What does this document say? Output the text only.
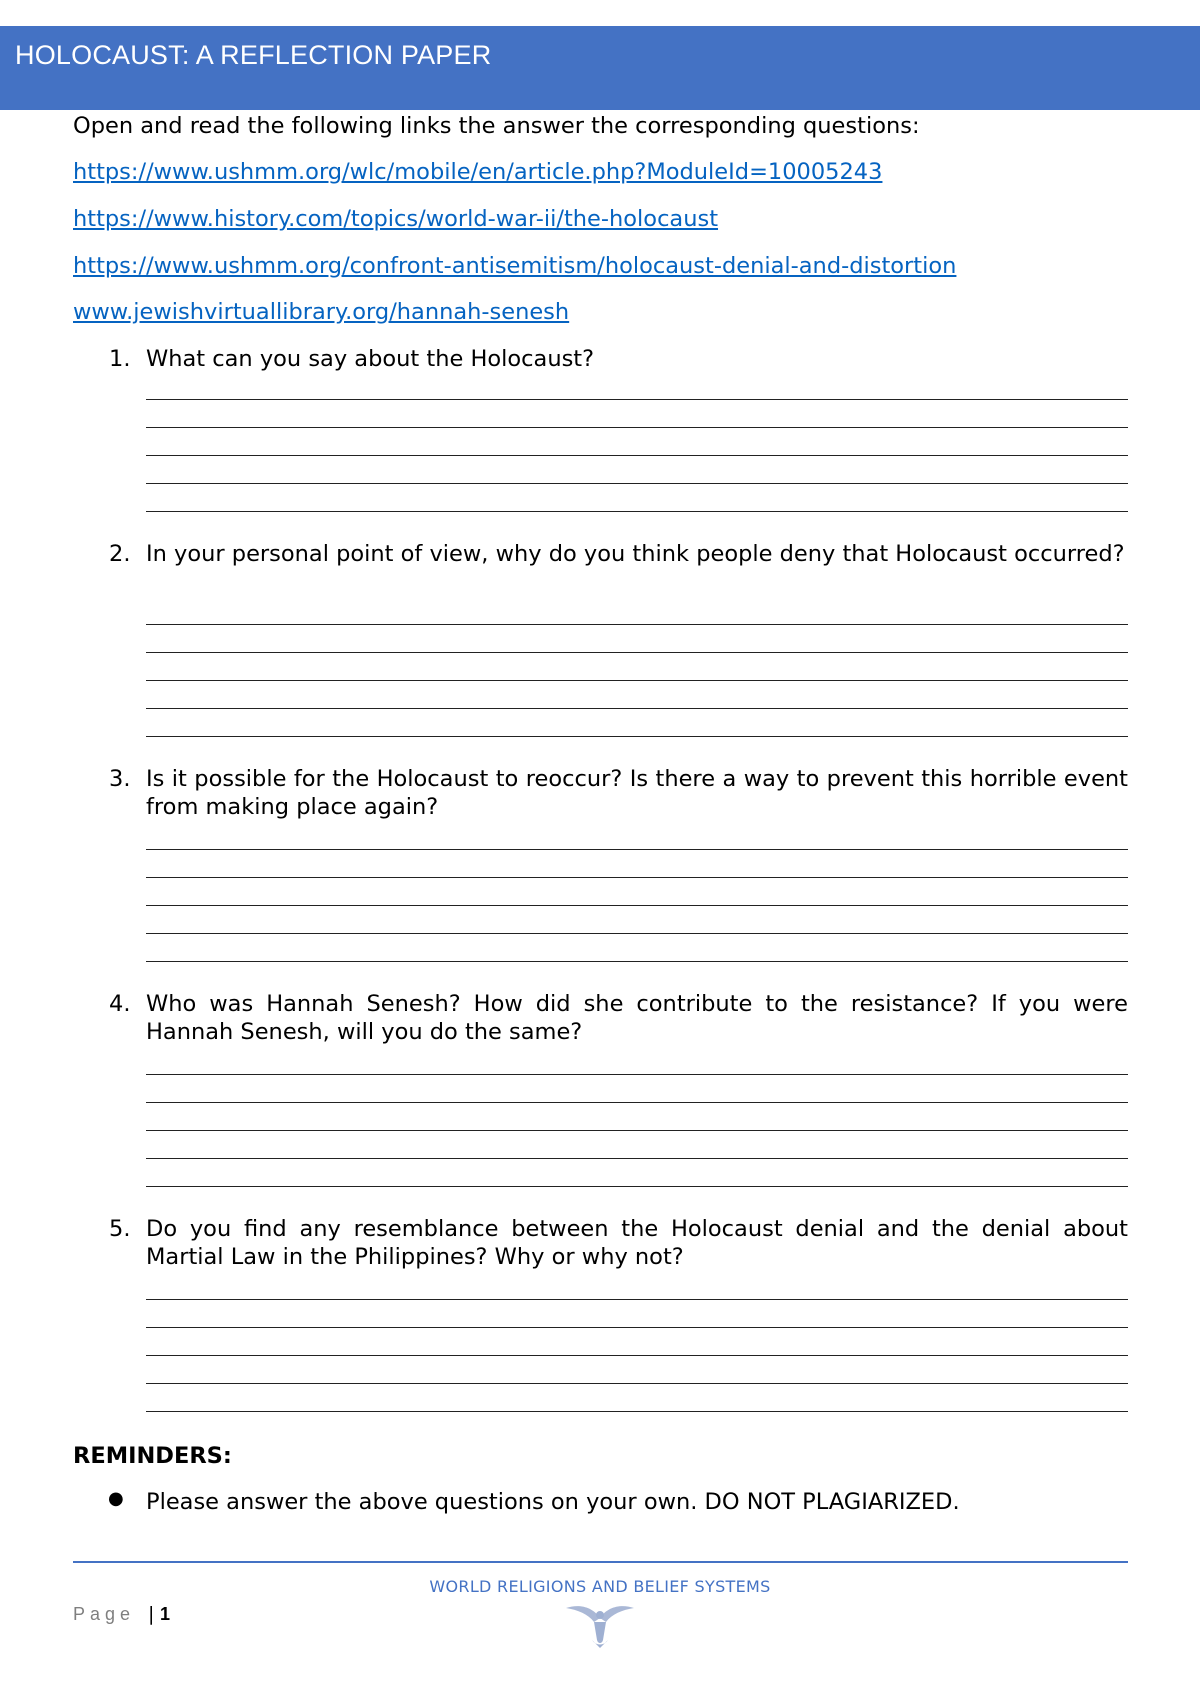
HOLOCAUST: A REFLECTION PAPER
Open and read the following links the answer the corresponding questions:
https://www.ushmm.org/wlc/mobile/en/article.php?ModuleId=10005243
https://www.history.com/topics/world-war-ii/the-holocaust
https://www.ushmm.org/confront-antisemitism/holocaust-denial-and-distortion
www.jewishvirtuallibrary.org/hannah-senesh
1. What can you say about the Holocaust?
2. In your personal point of view, why do you think people deny that Holocaust occurred?
3. Is it possible for the Holocaust to reoccur? Is there a way to prevent this horrible event from making place again?
4. Who was Hannah Senesh? How did she contribute to the resistance? If you were Hannah Senesh, will you do the same?
5. Do you find any resemblance between the Holocaust denial and the denial about Martial Law in the Philippines? Why or why not?
REMINDERS:
● Please answer the above questions on your own. DO NOT PLAGIARIZED.
WORLD RELIGIONS AND BELIEF SYSTEMS
Page | 1
